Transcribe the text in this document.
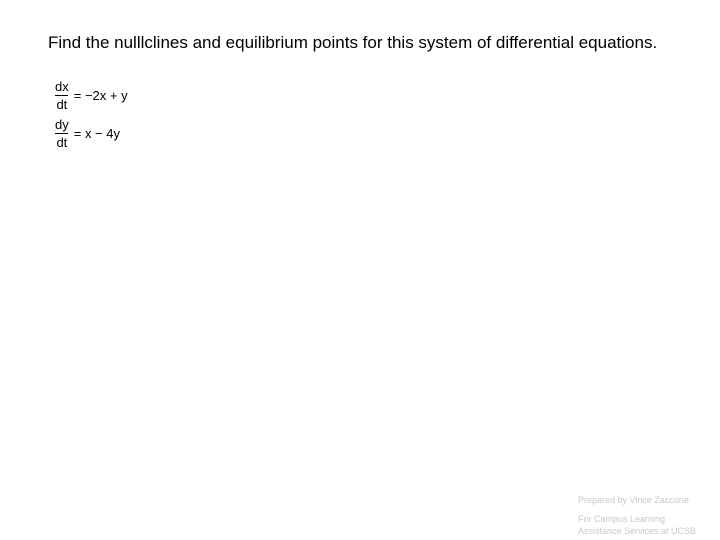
Find the nulllclines and equilibrium points for this system of differential equations.
$\frac{dx}{dt} = -2x + y$
$\frac{dy}{dt} = x - 4y$
Prepared by Vince Zaccone
For Campus Learning
Assistance Services at UCSB
